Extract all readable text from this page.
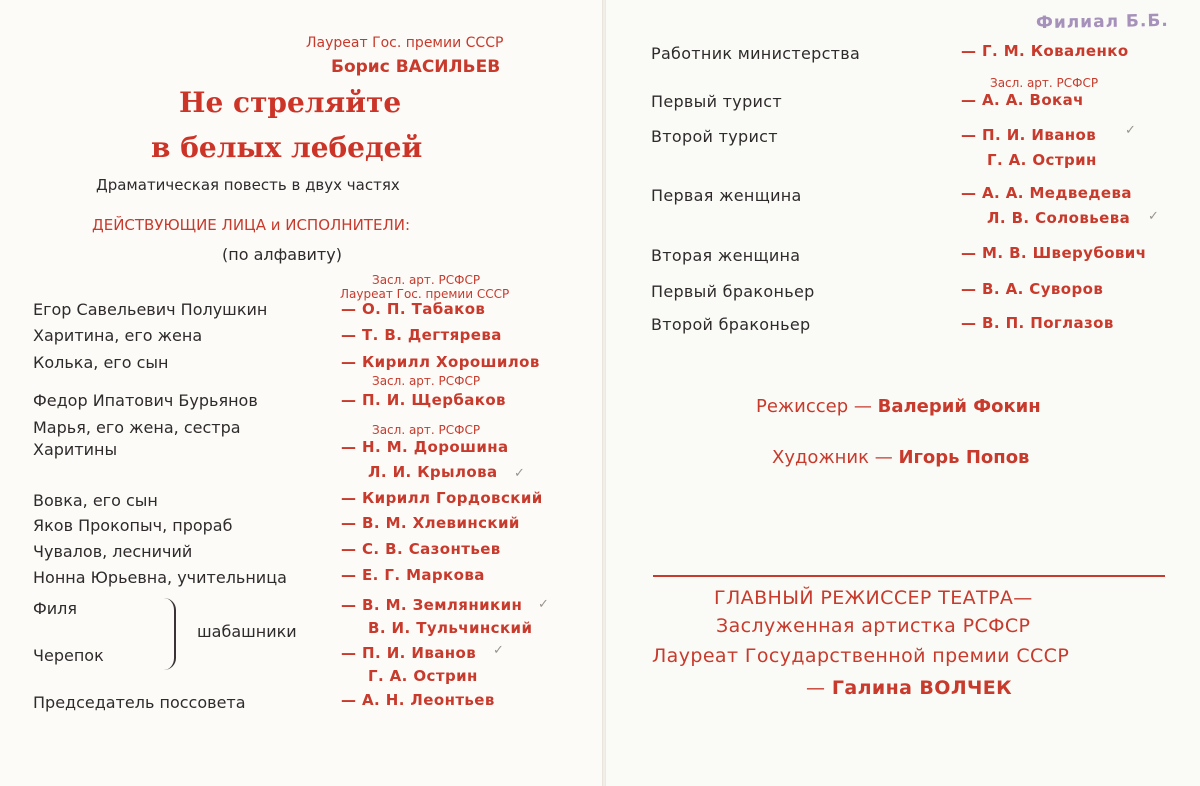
Лауреат Гос. премии СССР
Борис ВАСИЛЬЕВ
Не стреляйте
в белых лебедей
Драматическая повесть в двух частях
ДЕЙСТВУЮЩИЕ ЛИЦА и ИСПОЛНИТЕЛИ:
(по алфавиту)
Засл. арт. РСФСР
Лауреат Гос. премии СССР
Егор Савельевич Полушкин	— О. П. Табаков
Харитина, его жена	— Т. В. Дегтярева
Колька, его сын	— Кирилл Хорошилов
Засл. арт. РСФСР
Федор Ипатович Бурьянов	— П. И. Щербаков
Марья, его жена, сестра
Харитины
Засл. арт. РСФСР
— Н. М. Дорошина
Л. И. Крылова ✓
Вовка, его сын	— Кирилл Гордовский
Яков Прокопыч, прораб	— В. М. Хлевинский
Чувалов, лесничий	— С. В. Сазонтьев
Нонна Юрьевна, учительница	— Е. Г. Маркова
Филя
шабашники
— В. М. Земляникин ✓
В. И. Тульчинский
Черепок	— П. И. Иванов ✓
Г. А. Острин
Председатель поссовета	— А. Н. Леонтьев
Филиал Б.Б.
Работник министерства	— Г. М. Коваленко
Засл. арт. РСФСР
Первый турист	— А. А. Вокач
Второй турист	— П. И. Иванов ✓
Г. А. Острин
Первая женщина	— А. А. Медведева
Л. В. Соловьева ✓
Вторая женщина	— М. В. Шверубович
Первый браконьер	— В. А. Суворов
Второй браконьер	— В. П. Поглазов
Режиссер — Валерий Фокин
Художник — Игорь Попов
ГЛАВНЫЙ РЕЖИССЕР ТЕАТРА—
Заслуженная артистка РСФСР
Лауреат Государственной премии СССР
— Галина ВОЛЧЕК
